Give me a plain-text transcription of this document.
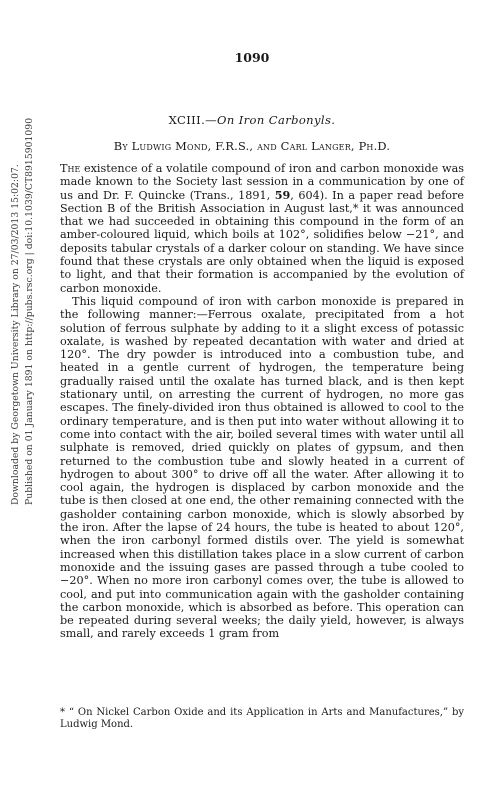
Downloaded by Georgetown University Library on 27/03/2013 15:02:07. Published on 01 January 1891 on http://pubs.rsc.org | doi:10.1039/CT8915901090
1090
XCIII.—On Iron Carbonyls.
By Ludwig Mond, F.R.S., and Carl Langer, Ph.D.

The existence of a volatile compound of iron and carbon monoxide was made known to the Society last session in a communication by one of us and Dr. F. Quincke (Trans., 1891, 59, 604). In a paper read before Section B of the British Association in August last,* it was announced that we had succeeded in obtaining this compound in the form of an amber-coloured liquid, which boils at 102°, solidifies below −21°, and deposits tabular crystals of a darker colour on standing. We have since found that these crystals are only obtained when the liquid is exposed to light, and that their formation is accompanied by the evolution of carbon monoxide.

This liquid compound of iron with carbon monoxide is prepared in the following manner:—Ferrous oxalate, precipitated from a hot solution of ferrous sulphate by adding to it a slight excess of potassic oxalate, is washed by repeated decantation with water and dried at 120°. The dry powder is introduced into a combustion tube, and heated in a gentle current of hydrogen, the temperature being gradually raised until the oxalate has turned black, and is then kept stationary until, on arresting the current of hydrogen, no more gas escapes. The finely-divided iron thus obtained is allowed to cool to the ordinary temperature, and is then put into water without allowing it to come into contact with the air, boiled several times with water until all sulphate is removed, dried quickly on plates of gypsum, and then returned to the combustion tube and slowly heated in a current of hydrogen to about 300° to drive off all the water. After allowing it to cool again, the hydrogen is displaced by carbon monoxide and the tube is then closed at one end, the other remaining connected with the gasholder containing carbon monoxide, which is slowly absorbed by the iron. After the lapse of 24 hours, the tube is heated to about 120°, when the iron carbonyl formed distils over. The yield is somewhat increased when this distillation takes place in a slow current of carbon monoxide and the issuing gases are passed through a tube cooled to −20°. When no more iron carbonyl comes over, the tube is allowed to cool, and put into communication again with the gasholder containing the carbon monoxide, which is absorbed as before. This operation can be repeated during several weeks; the daily yield, however, is always small, and rarely exceeds 1 gram from

* “ On Nickel Carbon Oxide and its Application in Arts and Manufactures,” by Ludwig Mond.
